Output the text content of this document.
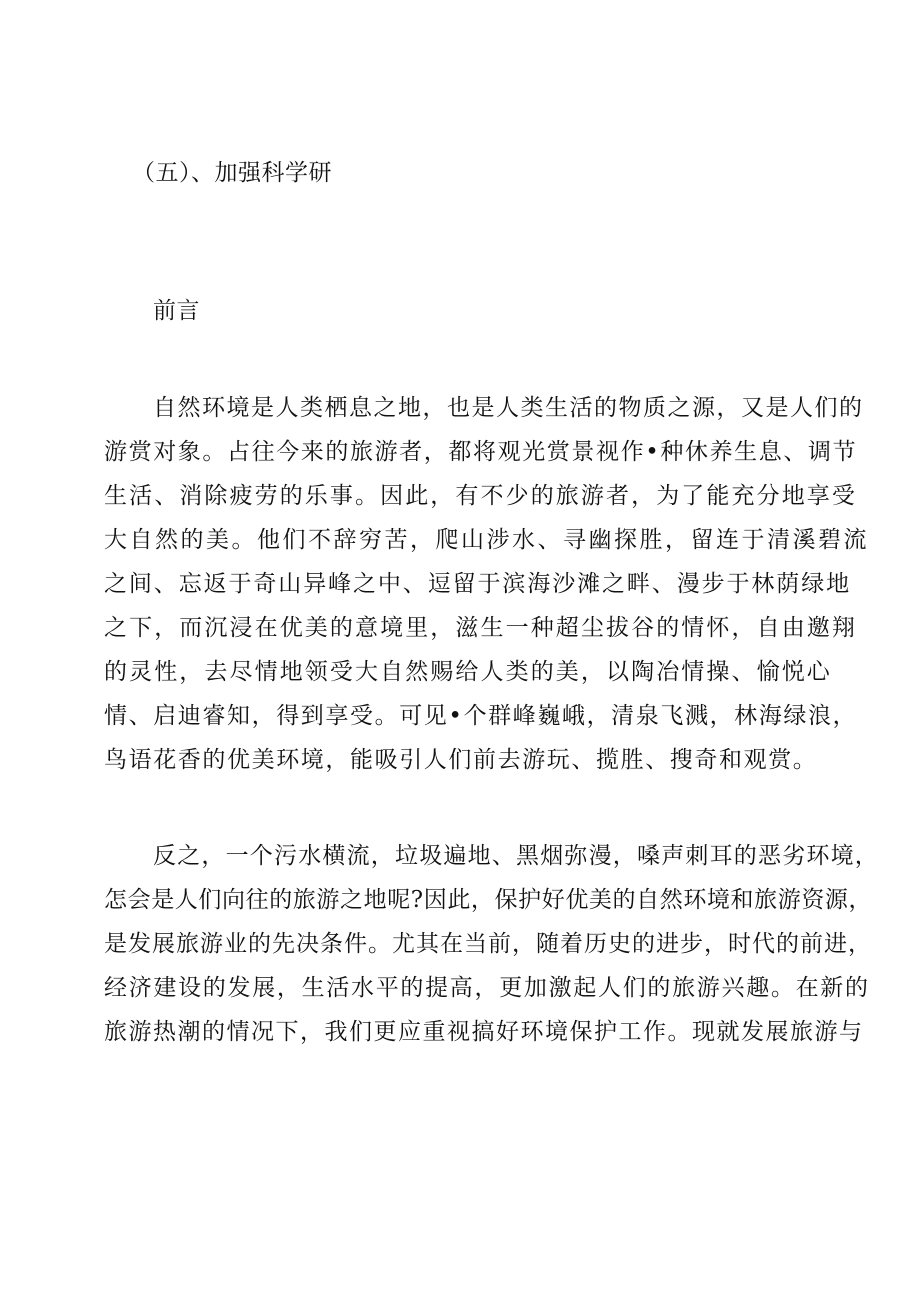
（五）、加强科学研
前言
自然环境是人类栖息之地，也是人类生活的物质之源，又是人们的
游赏对象。占往今来的旅游者，都将观光赏景视作•种休养生息、调节
生活、消除疲劳的乐事。因此，有不少的旅游者，为了能充分地享受
大自然的美。他们不辞穷苦，爬山涉水、寻幽探胜，留连于清溪碧流
之间、忘返于奇山异峰之中、逗留于滨海沙滩之畔、漫步于林荫绿地
之下，而沉浸在优美的意境里，滋生一种超尘拔谷的情怀，自由邀翔
的灵性，去尽情地领受大自然赐给人类的美，以陶冶情操、愉悦心
情、启迪睿知，得到享受。可见•个群峰巍峨，清泉飞溅，林海绿浪，
鸟语花香的优美环境，能吸引人们前去游玩、揽胜、搜奇和观赏。
反之，一个污水横流，垃圾遍地、黑烟弥漫，嗓声刺耳的恶劣环境，
怎会是人们向往的旅游之地呢?因此，保护好优美的自然环境和旅游资源，
是发展旅游业的先决条件。尤其在当前，随着历史的进步，时代的前进，
经济建设的发展，生活水平的提高，更加激起人们的旅游兴趣。在新的
旅游热潮的情况下，我们更应重视搞好环境保护工作。现就发展旅游与
